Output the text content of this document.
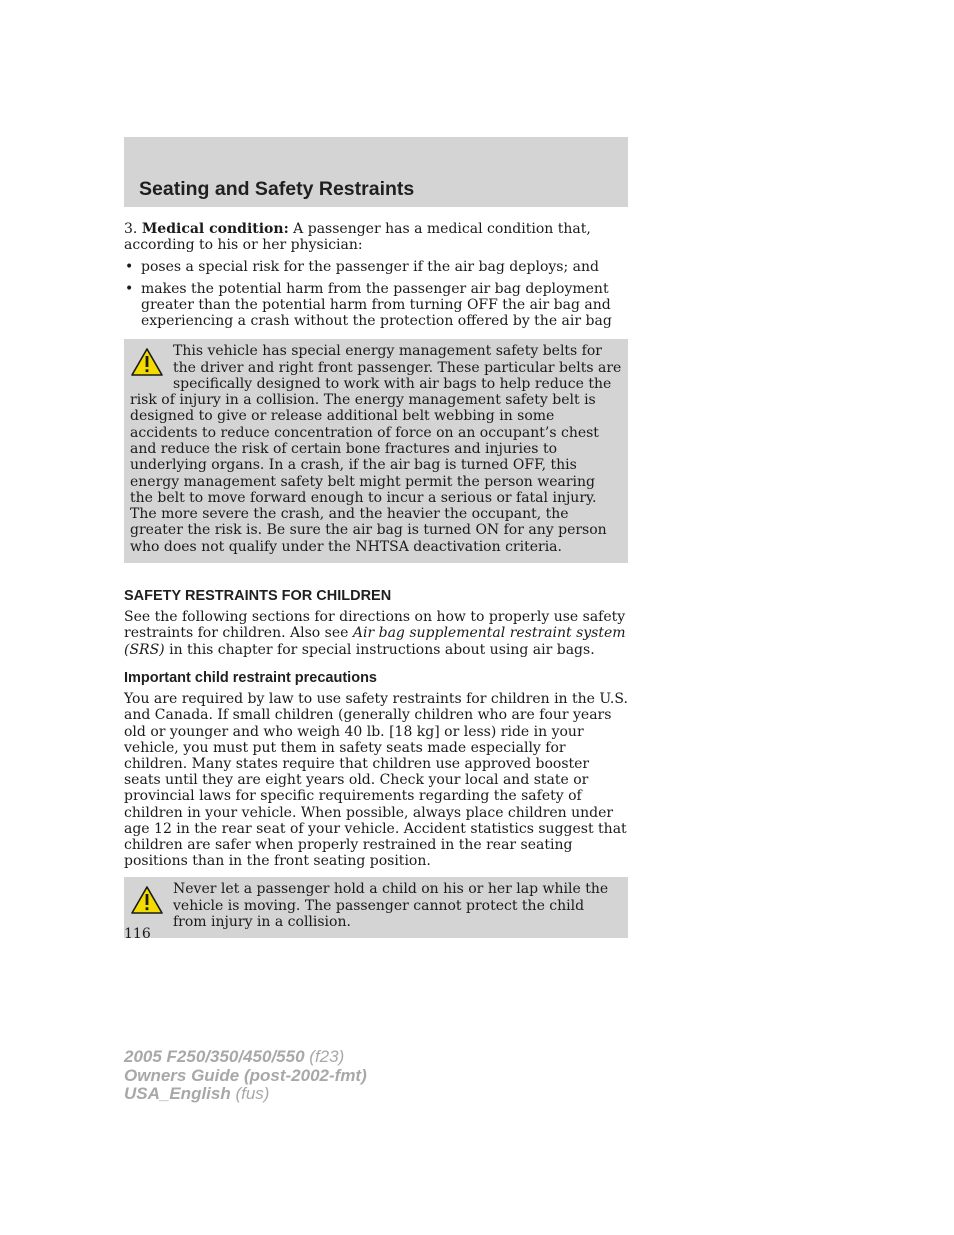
Seating and Safety Restraints

3. Medical condition: A passenger has a medical condition that, according to his or her physician:

• poses a special risk for the passenger if the air bag deploys; and
• makes the potential harm from the passenger air bag deployment greater than the potential harm from turning OFF the air bag and experiencing a crash without the protection offered by the air bag
This vehicle has special energy management safety belts for the driver and right front passenger. These particular belts are specifically designed to work with air bags to help reduce the risk of injury in a collision. The energy management safety belt is designed to give or release additional belt webbing in some accidents to reduce concentration of force on an occupant’s chest and reduce the risk of certain bone fractures and injuries to underlying organs. In a crash, if the air bag is turned OFF, this energy management safety belt might permit the person wearing the belt to move forward enough to incur a serious or fatal injury. The more severe the crash, and the heavier the occupant, the greater the risk is. Be sure the air bag is turned ON for any person who does not qualify under the NHTSA deactivation criteria.
SAFETY RESTRAINTS FOR CHILDREN

See the following sections for directions on how to properly use safety restraints for children. Also see Air bag supplemental restraint system (SRS) in this chapter for special instructions about using air bags.

Important child restraint precautions

You are required by law to use safety restraints for children in the U.S. and Canada. If small children (generally children who are four years old or younger and who weigh 40 lb. [18 kg] or less) ride in your vehicle, you must put them in safety seats made especially for children. Many states require that children use approved booster seats until they are eight years old. Check your local and state or provincial laws for specific requirements regarding the safety of children in your vehicle. When possible, always place children under age 12 in the rear seat of your vehicle. Accident statistics suggest that children are safer when properly restrained in the rear seating positions than in the front seating position.

Never let a passenger hold a child on his or her lap while the vehicle is moving. The passenger cannot protect the child from injury in a collision.
116
2005 F250/350/450/550 (f23)
Owners Guide (post-2002-fmt)
USA_English (fus)
